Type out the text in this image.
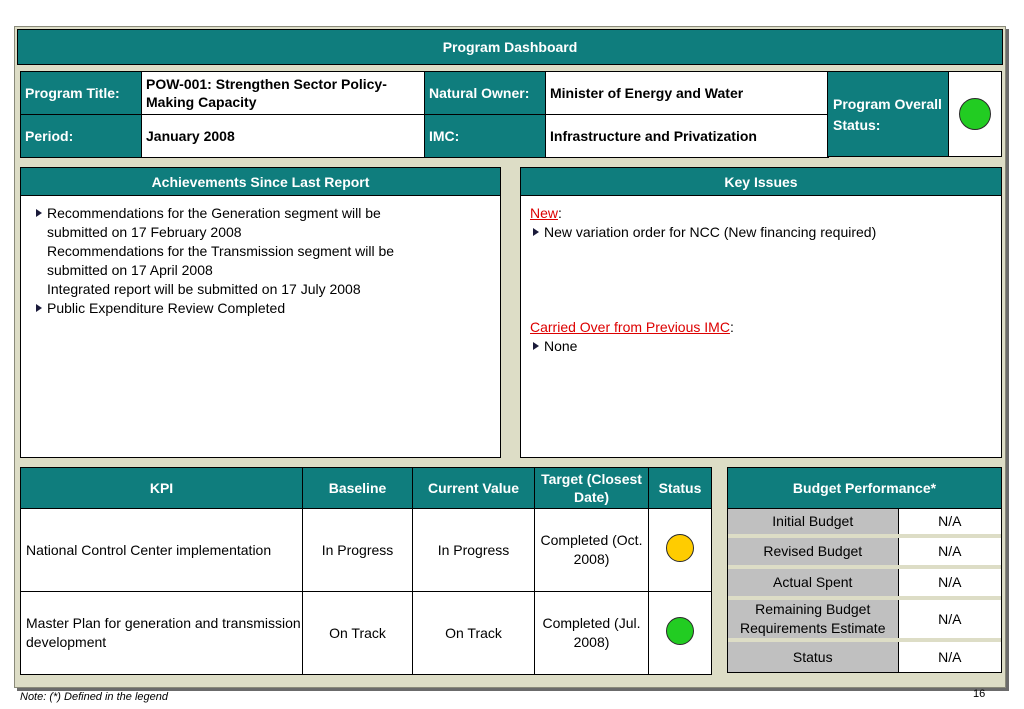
Program Dashboard
Program Title:	POW-001: Strengthen Sector Policy-Making Capacity	Natural Owner:	Minister of Energy and Water
Period:	January 2008	IMC:	Infrastructure and Privatization
Program Overall Status:
Achievements Since Last Report
Recommendations for the Generation segment will be
submitted on 17 February 2008
Recommendations for the Transmission segment will be
submitted on 17 April 2008
Integrated report will be submitted on 17 July 2008
Public Expenditure Review Completed
Key Issues
New:
New variation order for NCC (New financing required)
Carried Over from Previous IMC:
None
KPI	Baseline	Current Value	Target (Closest Date)	Status
National Control Center implementation	In Progress	In Progress	Completed (Oct. 2008)	
Master Plan for generation and transmission development	On Track	On Track	Completed (Jul. 2008)	
Budget Performance*
Initial Budget	N/A
Revised Budget	N/A
Actual Spent	N/A
Remaining Budget Requirements Estimate	N/A
Status	N/A
Note: (*) Defined in the legend	16
